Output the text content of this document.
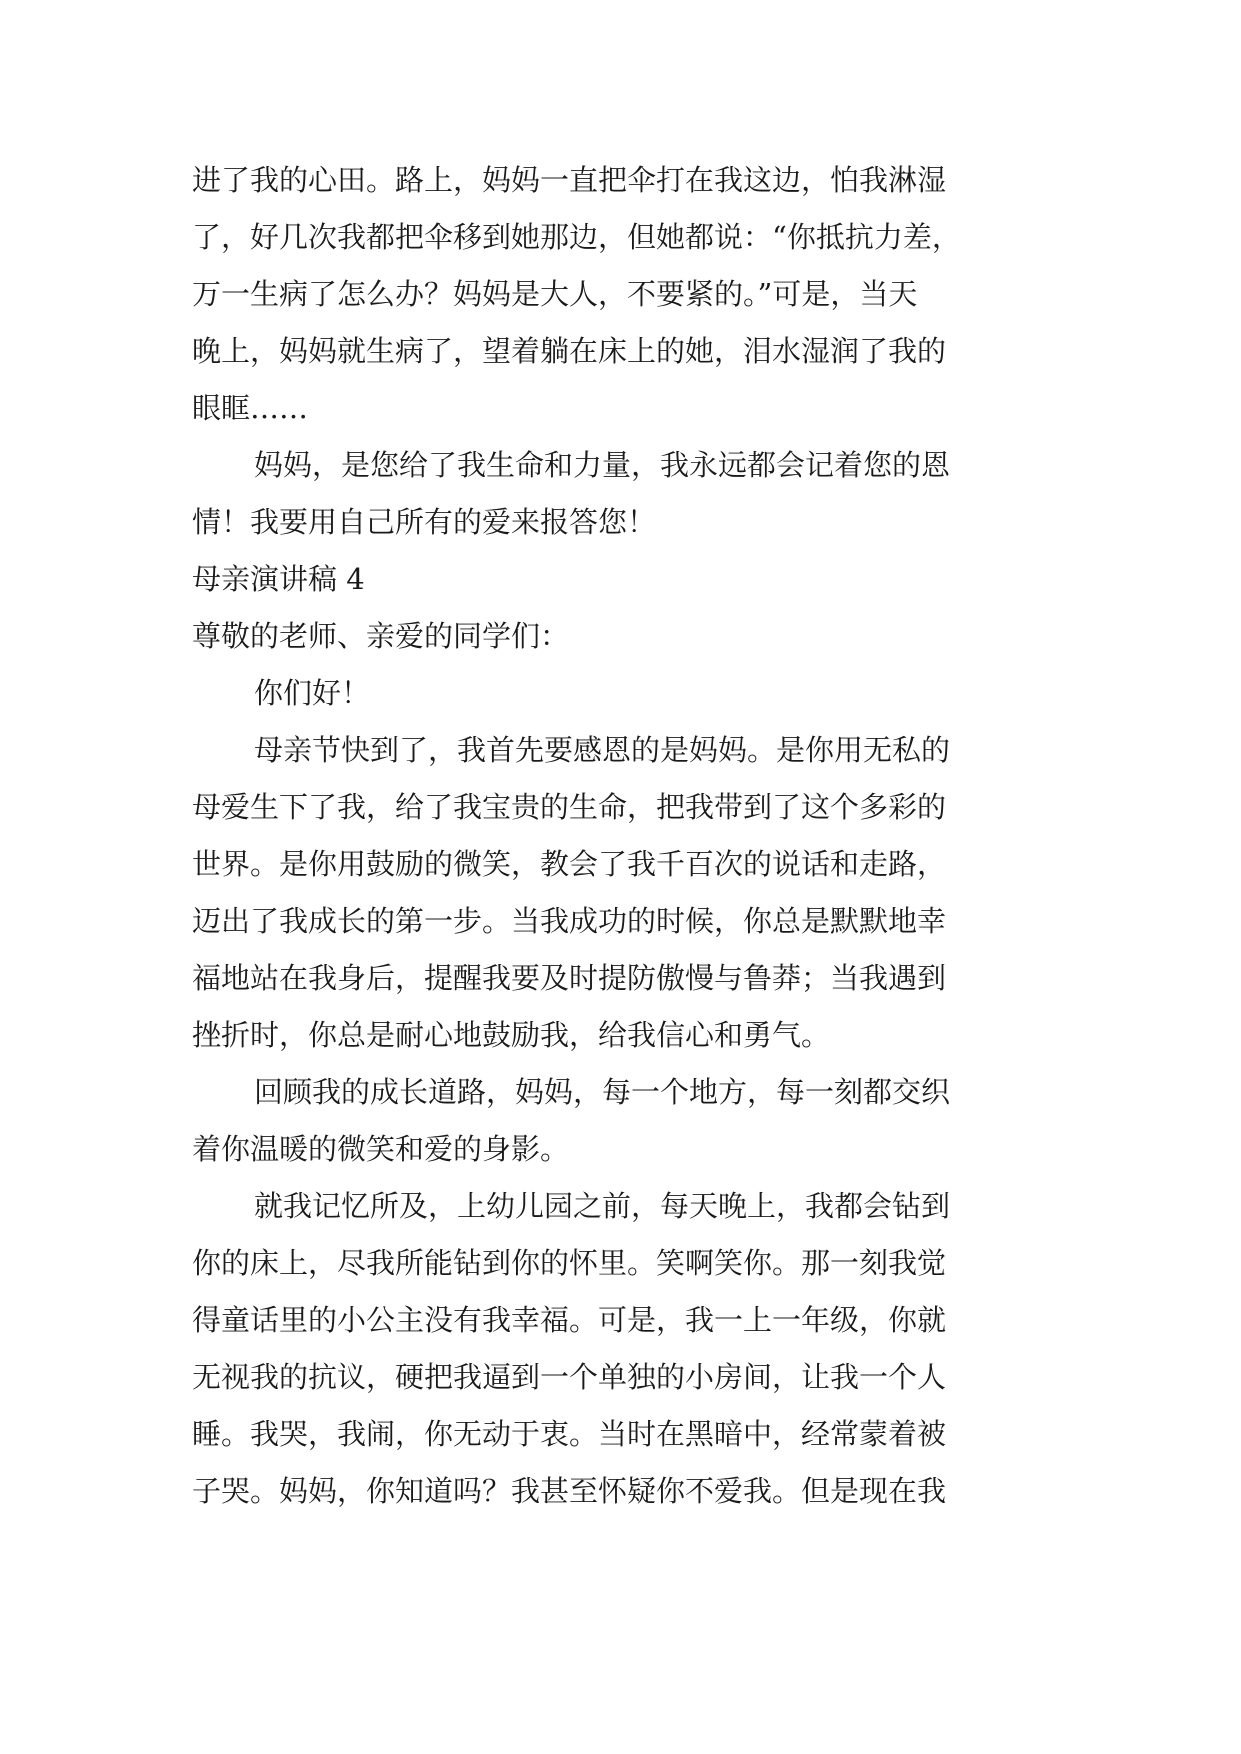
进了我的心田。路上，妈妈一直把伞打在我这边，怕我淋湿
了，好几次我都把伞移到她那边，但她都说：“你抵抗力差，
万一生病了怎么办？妈妈是大人，不要紧的。”可是，当天
晚上，妈妈就生病了，望着躺在床上的她，泪水湿润了我的
眼眶……
妈妈，是您给了我生命和力量，我永远都会记着您的恩
情！我要用自己所有的爱来报答您！
母亲演讲稿 4
尊敬的老师、亲爱的同学们：
你们好！
母亲节快到了，我首先要感恩的是妈妈。是你用无私的
母爱生下了我，给了我宝贵的生命，把我带到了这个多彩的
世界。是你用鼓励的微笑，教会了我千百次的说话和走路，
迈出了我成长的第一步。当我成功的时候，你总是默默地幸
福地站在我身后，提醒我要及时提防傲慢与鲁莽；当我遇到
挫折时，你总是耐心地鼓励我，给我信心和勇气。
回顾我的成长道路，妈妈，每一个地方，每一刻都交织
着你温暖的微笑和爱的身影。
就我记忆所及，上幼儿园之前，每天晚上，我都会钻到
你的床上，尽我所能钻到你的怀里。笑啊笑你。那一刻我觉
得童话里的小公主没有我幸福。可是，我一上一年级，你就
无视我的抗议，硬把我逼到一个单独的小房间，让我一个人
睡。我哭，我闹，你无动于衷。当时在黑暗中，经常蒙着被
子哭。妈妈，你知道吗？我甚至怀疑你不爱我。但是现在我
